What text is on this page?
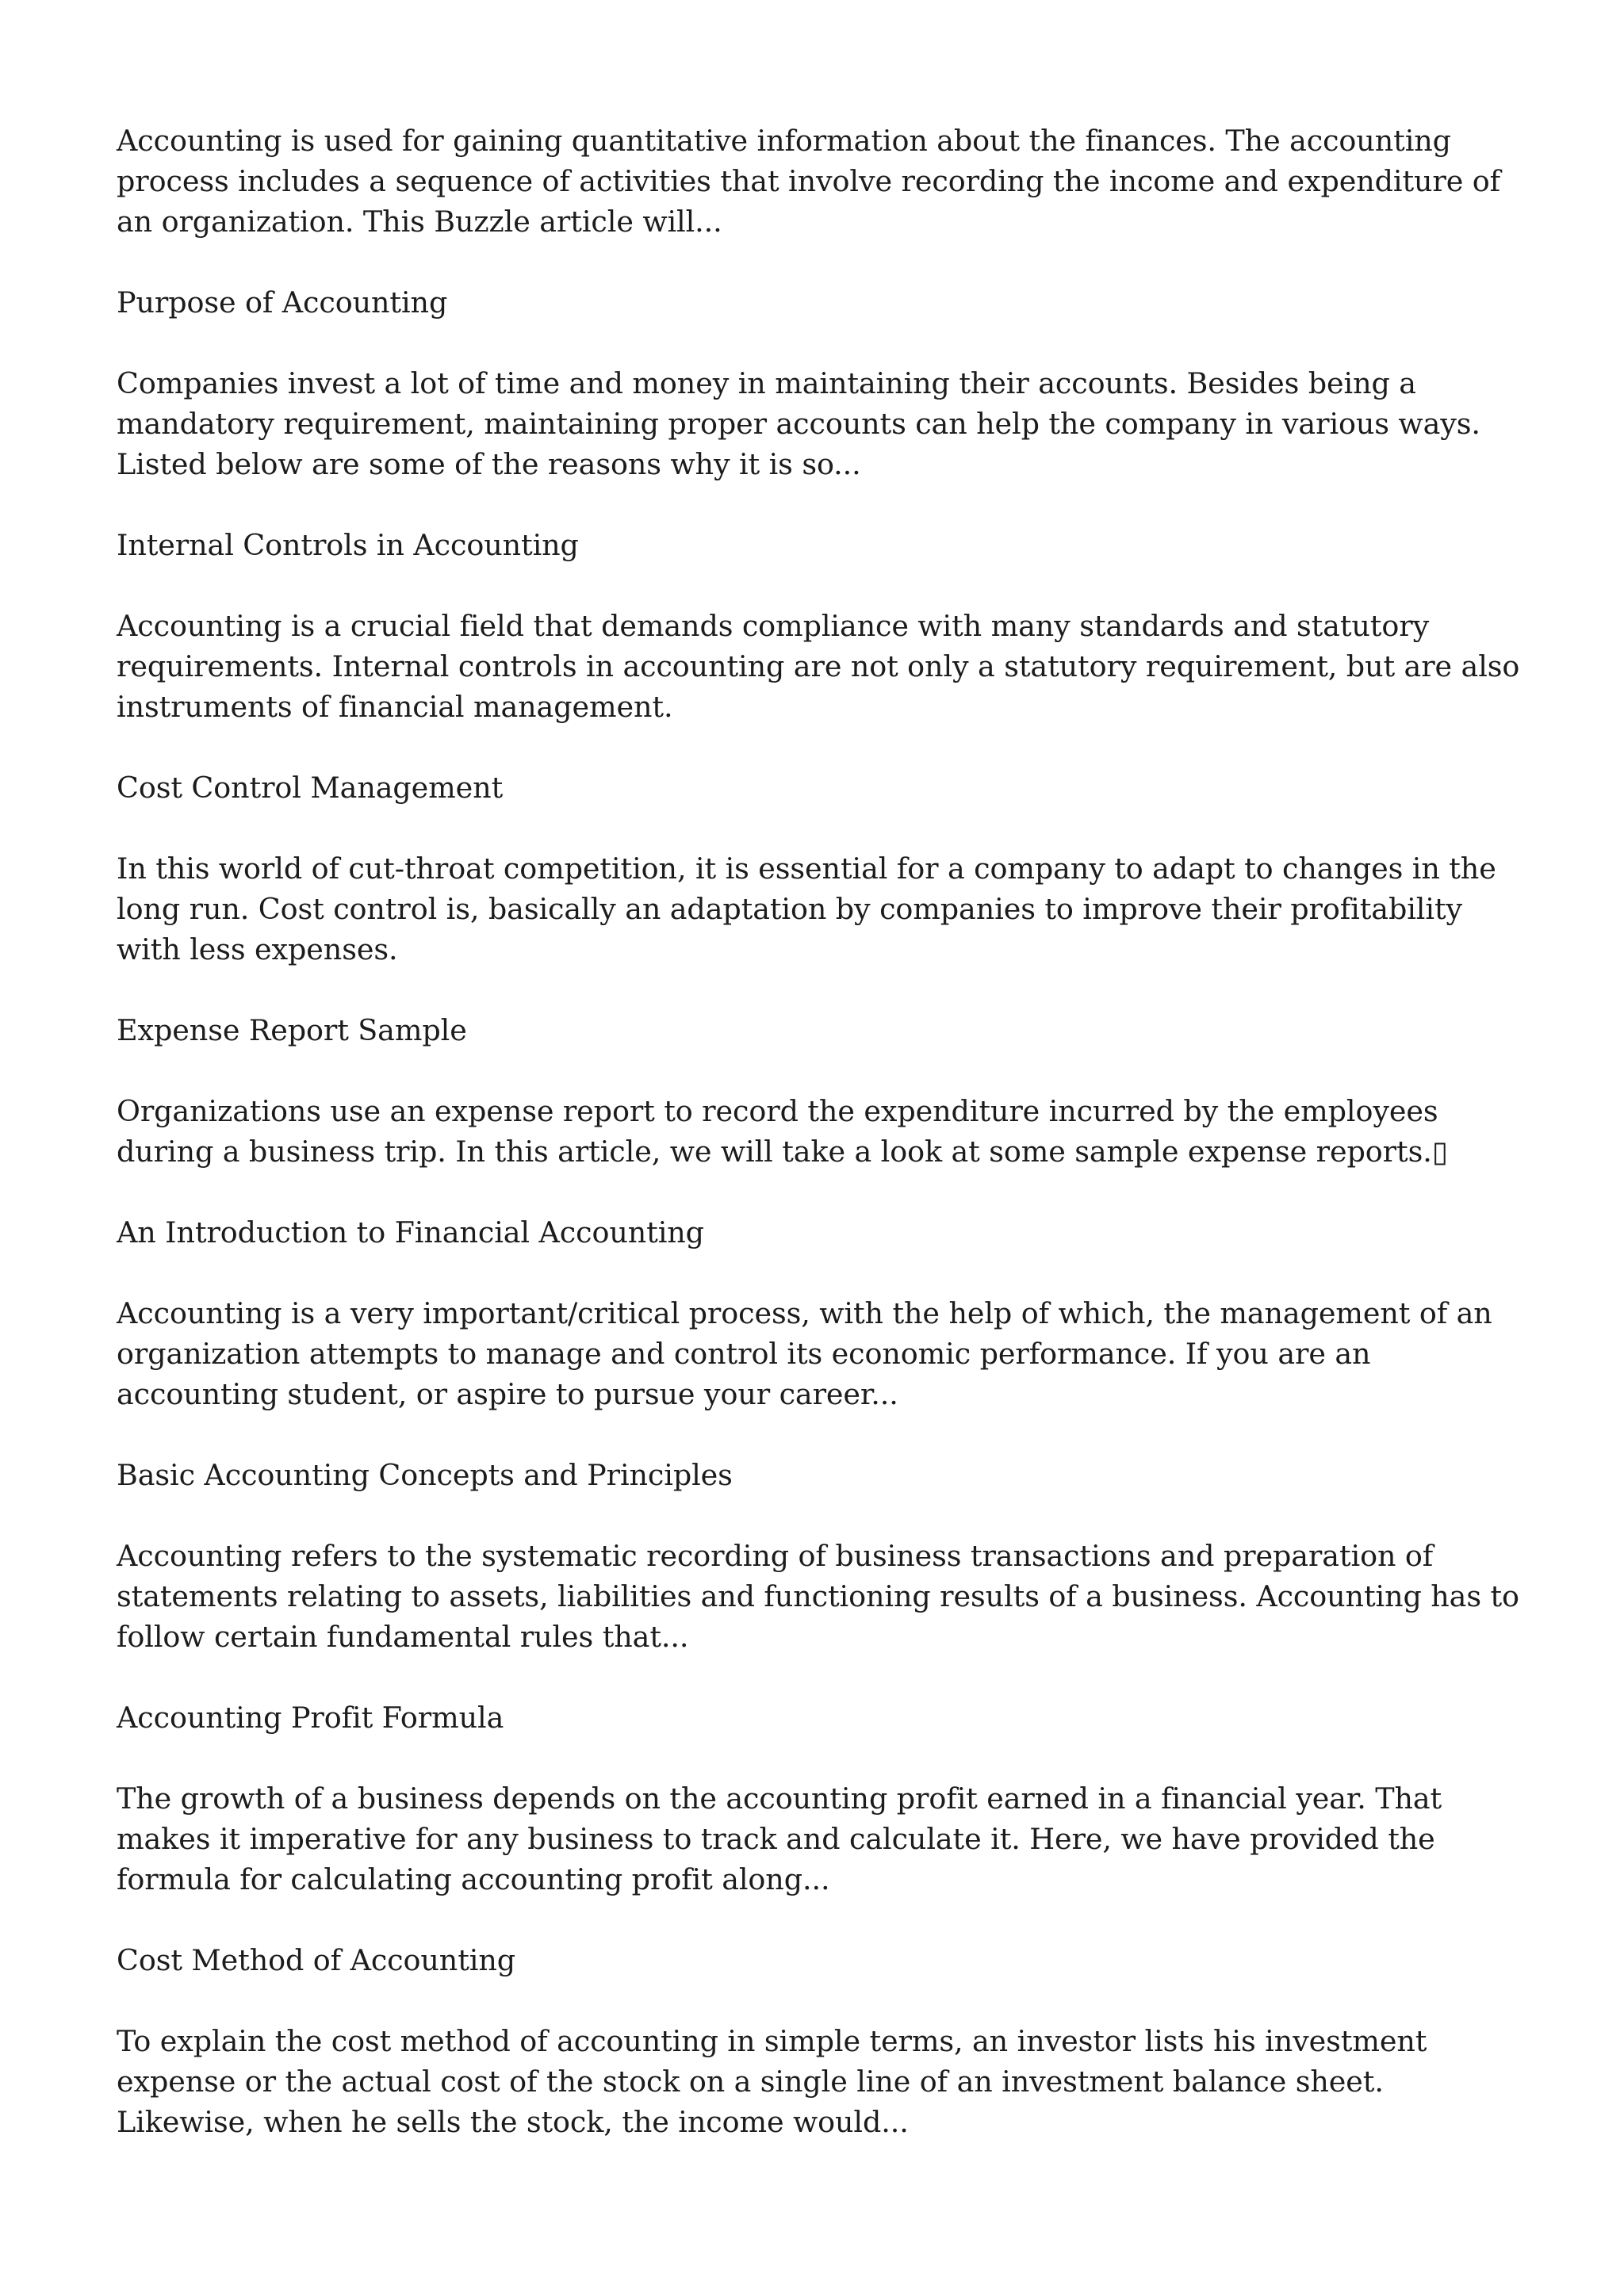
Accounting is used for gaining quantitative information about the finances. The accounting process includes a sequence of activities that involve recording the income and expenditure of an organization. This Buzzle article will...

Purpose of Accounting

Companies invest a lot of time and money in maintaining their accounts. Besides being a mandatory requirement, maintaining proper accounts can help the company in various ways. Listed below are some of the reasons why it is so...

Internal Controls in Accounting

Accounting is a crucial field that demands compliance with many standards and statutory requirements. Internal controls in accounting are not only a statutory requirement, but are also instruments of financial management.

Cost Control Management

In this world of cut-throat competition, it is essential for a company to adapt to changes in the long run. Cost control is, basically an adaptation by companies to improve their profitability with less expenses.

Expense Report Sample

Organizations use an expense report to record the expenditure incurred by the employees during a business trip. In this article, we will take a look at some sample expense reports.▯

An Introduction to Financial Accounting

Accounting is a very important/critical process, with the help of which, the management of an organization attempts to manage and control its economic performance. If you are an accounting student, or aspire to pursue your career...

Basic Accounting Concepts and Principles

Accounting refers to the systematic recording of business transactions and preparation of statements relating to assets, liabilities and functioning results of a business. Accounting has to follow certain fundamental rules that...

Accounting Profit Formula

The growth of a business depends on the accounting profit earned in a financial year. That makes it imperative for any business to track and calculate it. Here, we have provided the formula for calculating accounting profit along...

Cost Method of Accounting

To explain the cost method of accounting in simple terms, an investor lists his investment expense or the actual cost of the stock on a single line of an investment balance sheet. Likewise, when he sells the stock, the income would...
